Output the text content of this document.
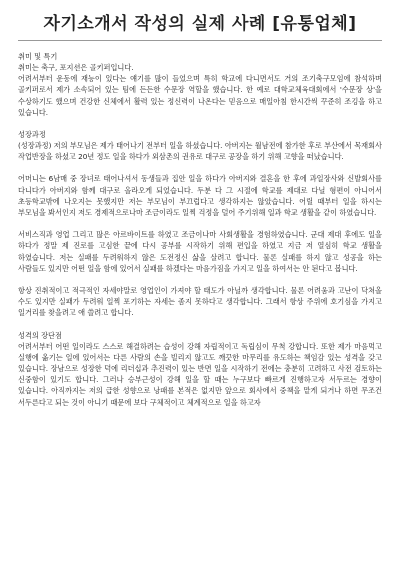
자기소개서 작성의 실제 사례 [유통업체]

취미 및 특기

취미는 축구, 포지션은 골키퍼입니다.

어려서부터 운동에 재능이 있다는 얘기를 많이 들었으며 특히 학교에 다니면서도 거의 조기축구모임에 참석하며 골키퍼로서 제가 소속되어 있는 팀에 든든한 수문장 역할을 했습니다. 한 예로 대학교체육대회에서 '수문장 상'을 수상하기도 했으며 건강한 신체에서 활력 있는 정신력이 나온다는 믿음으로 매일아침 한시간씩 꾸준히 조깅을 하고 있습니다.

성장과정

(성장과정) 저의 부모님은 제가 태어나기 전부터 일을 하셨습니다. 아버지는 월남전에 참가한 후로 부산에서 목재회사 작업반장을 하셨고 20년 정도 일을 하다가 외삼촌의 권유로 대구로 공장을 하기 위해 고향을 떠났습니다.

어머니는 6남매 중 장녀로 태어나셔서 동생들과 집안 일을 하다가 아버지와 결혼을 한 후에 과일장사와 신발회사를 다니다가 아버지와 함께 대구로 올라오게 되었습니다. 두분 다 그 시절에 학교를 제대로 다닐 형편이 아니어서 초등학교밖에 나오지는 못했지만 저는 부모님이 부끄럽다고 생각하지는 않았습니다. 어릴 때부터 일을 하시는 부모님을 봐서인지 저도 경제적으로나마 조금이라도 일찍 걱정을 덜어 주기위해 일과 학교 생활을 같이 하였습니다.

서비스직과 영업 그리고 많은 아르바이트를 하였고 조금이나마 사회생활을 경험하였습니다. 군대 제대 후에도 일을 하다가 정말 제 진로를 고심한 끝에 다시 공부를 시작하기 위해 편입을 하였고 지금 저 열심히 학교 생활을 하였습니다. 저는 실패를 두려워하지 않은 도전정신 삶을 살려고 합니다. 물론 실패를 하지 않고 성공을 하는 사람들도 있지만 어떤 일을 함에 있어서 실패를 하겠다는 마음가짐을 가지고 일을 하여서는 안 된다고 봅니다.

항상 진취적이고 적극적인 자세야말로 영업인이 가져야 할 태도가 아닐까 생각합니다. 물론 어려움과 고난이 닥쳐올 수도 있지만 실패가 두려워 일찍 포기하는 자세는 좀지 못하다고 생각합니다. 그래서 항상 주위에 호기심을 가지고 일거리를 찾을려고 애 쓸려고 합니다.

성격의 장단점

어려서부터 어떤 일이라도 스스로 해결하려는 습성이 강해 자립적이고 독립심이 무척 강합니다. 또한 제가 마음먹고 실행에 옮기는 일에 있어서는 다른 사람의 손을 빌리지 않고도 깨끗한 마무리를 유도하는 책임감 있는 성격을 갖고 있습니다. 장남으로 성장한 덕에 리더십과 추진력이 있는 반면 일을 시작하기 전에는 충분히 고려하고 사전 검토하는 신중함이 있기도 합니다. 그러나 승부근성이 강해 일을 할 때는 누구보다 빠르게 진행하고자 서두르는 경향이 있습니다. 아직까지는 저의 급한 성향으로 낭패를 본적은 없지만 앞으로 회사에서 중책을 맡게 되거나 하면 무조건 서두른다고 되는 것이 아니기 때문에 보다 구체적이고 체계적으로 일을 하고자
